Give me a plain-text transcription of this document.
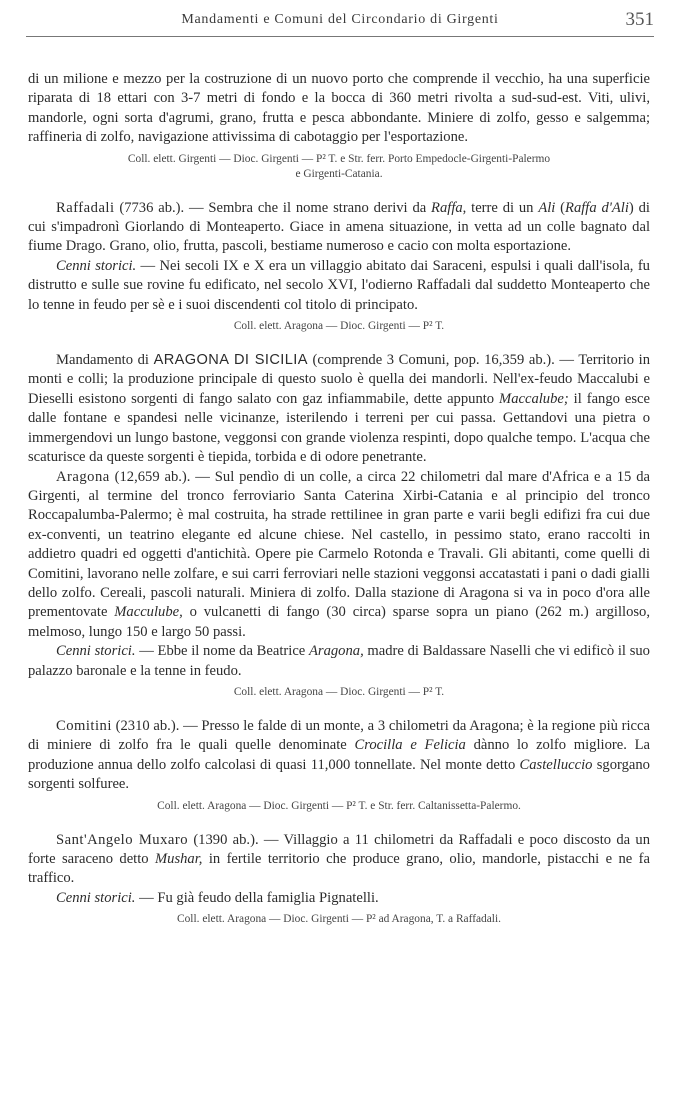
Mandamenti e Comuni del Circondario di Girgenti	351

di un milione e mezzo per la costruzione di un nuovo porto che comprende il vecchio, ha una superficie riparata di 18 ettari con 3-7 metri di fondo e la bocca di 360 metri rivolta a sud-sud-est. Viti, ulivi, mandorle, ogni sorta d'agrumi, grano, frutta e pesca abbondante. Miniere di zolfo, gesso e salgemma; raffineria di zolfo, navigazione attivissima di cabotaggio per l'esportazione.

Coll. elett. Girgenti — Dioc. Girgenti — P² T. e Str. ferr. Porto Empedocle-Girgenti-Palermo
e Girgenti-Catania.

Raffadali (7736 ab.). — Sembra che il nome strano derivi da Raffa, terre di un Ali (Raffa d'Ali) di cui s'impadronì Giorlando di Monteaperto. Giace in amena situazione, in vetta ad un colle bagnato dal fiume Drago. Grano, olio, frutta, pascoli, bestiame numeroso e cacio con molta esportazione.

Cenni storici. — Nei secoli IX e X era un villaggio abitato dai Saraceni, espulsi i quali dall'isola, fu distrutto e sulle sue rovine fu edificato, nel secolo XVI, l'odierno Raffadali dal suddetto Monteaperto che lo tenne in feudo per sè e i suoi discendenti col titolo di principato.

Coll. elett. Aragona — Dioc. Girgenti — P² T.

Mandamento di ARAGONA DI SICILIA (comprende 3 Comuni, pop. 16,359 ab.). — Territorio in monti e colli; la produzione principale di questo suolo è quella dei mandorli. Nell'ex-feudo Maccalubi e Dieselli esistono sorgenti di fango salato con gaz infiammabile, dette appunto Maccalube; il fango esce dalle fontane e spandesi nelle vicinanze, isterilendo i terreni per cui passa. Gettandovi una pietra o immergendovi un lungo bastone, veggonsi con grande violenza respinti, dopo qualche tempo. L'acqua che scaturisce da queste sorgenti è tiepida, torbida e di odore penetrante.

Aragona (12,659 ab.). — Sul pendìo di un colle, a circa 22 chilometri dal mare d'Africa e a 15 da Girgenti, al termine del tronco ferroviario Santa Caterina Xirbi-Catania e al principio del tronco Roccapalumba-Palermo; è mal costruita, ha strade rettilinee in gran parte e varii begli edifizi fra cui due ex-conventi, un teatrino elegante ed alcune chiese. Nel castello, in pessimo stato, erano raccolti in addietro quadri ed oggetti d'antichità. Opere pie Carmelo Rotonda e Travali. Gli abitanti, come quelli di Comitini, lavorano nelle zolfare, e sui carri ferroviari nelle stazioni veggonsi accatastati i pani o dadi gialli dello zolfo. Cereali, pascoli naturali. Miniera di zolfo. Dalla stazione di Aragona si va in poco d'ora alle prementovate Macculube, o vulcanetti di fango (30 circa) sparse sopra un piano (262 m.) argilloso, melmoso, lungo 150 e largo 50 passi.

Cenni storici. — Ebbe il nome da Beatrice Aragona, madre di Baldassare Naselli che vi edificò il suo palazzo baronale e la tenne in feudo.

Coll. elett. Aragona — Dioc. Girgenti — P² T.

Comitini (2310 ab.). — Presso le falde di un monte, a 3 chilometri da Aragona; è la regione più ricca di miniere di zolfo fra le quali quelle denominate Crocilla e Felicia dànno lo zolfo migliore. La produzione annua dello zolfo calcolasi di quasi 11,000 tonnellate. Nel monte detto Castelluccio sgorgano sorgenti solfuree.

Coll. elett. Aragona — Dioc. Girgenti — P² T. e Str. ferr. Caltanissetta-Palermo.

Sant'Angelo Muxaro (1390 ab.). — Villaggio a 11 chilometri da Raffadali e poco discosto da un forte saraceno detto Mushar, in fertile territorio che produce grano, olio, mandorle, pistacchi e ne fa traffico.

Cenni storici. — Fu già feudo della famiglia Pignatelli.

Coll. elett. Aragona — Dioc. Girgenti — P² ad Aragona, T. a Raffadali.
